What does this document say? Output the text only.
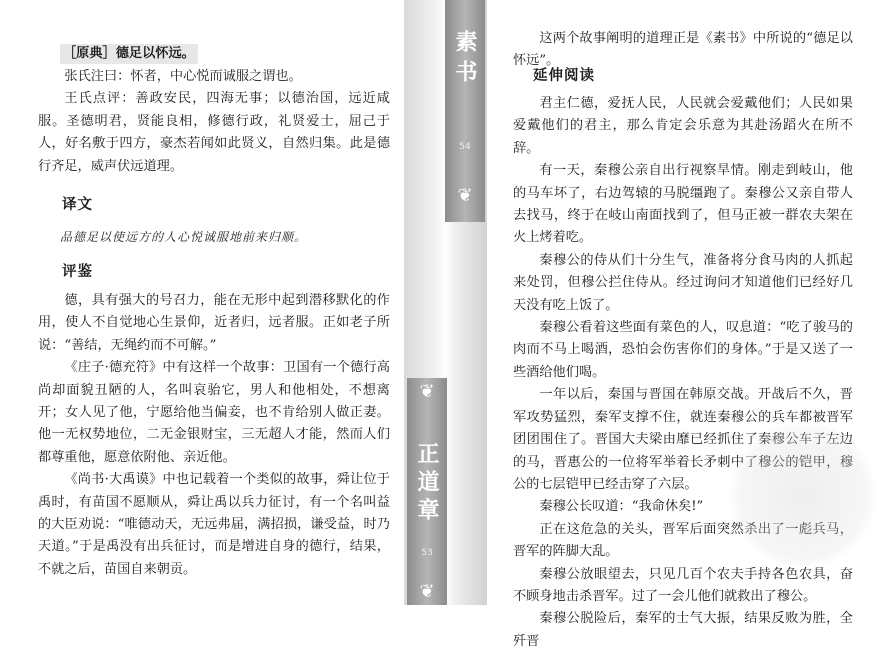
［原典］德足以怀远。

张氏注曰：怀者，中心悦而诚服之谓也。

王氏点评：善政安民，四海无事；以德治国，远近咸服。圣德明君，贤能良相，修德行政，礼贤爱士，屈己于人，好名敷于四方，豪杰若闻如此贤义，自然归集。此是德行齐足，威声伏远道理。

译文
品德足以使远方的人心悦诚服地前来归顺。
评鉴

德，具有强大的号召力，能在无形中起到潜移默化的作用，使人不自觉地心生景仰，近者归，远者服。正如老子所说：“善结，无绳约而不可解。”

《庄子·德充符》中有这样一个故事：卫国有一个德行高尚却面貌丑陋的人，名叫哀骀它，男人和他相处，不想离开；女人见了他，宁愿给他当偏妾，也不肯给别人做正妻。他一无权势地位，二无金银财宝，三无超人才能，然而人们都尊重他，愿意依附他、亲近他。

《尚书·大禹谟》中也记载着一个类似的故事，舜让位于禹时，有苗国不愿顺从，舜让禹以兵力征讨，有一个名叫益的大臣劝说：“唯德动天，无远弗届，满招损，谦受益，时乃天道。”于是禹没有出兵征讨，而是增进自身的德行，结果，不就之后，苗国自来朝贡。

素书
54
❦
❦
正道章
53
❦

这两个故事阐明的道理正是《素书》中所说的“德足以怀远”。

延伸阅读

君主仁德，爱抚人民，人民就会爱戴他们；人民如果爱戴他们的君主，那么肯定会乐意为其赴汤蹈火在所不辞。

有一天，秦穆公亲自出行视察旱情。刚走到岐山，他的马车坏了，右边驾辕的马脱缰跑了。秦穆公又亲自带人去找马，终于在岐山南面找到了，但马正被一群农夫架在火上烤着吃。

秦穆公的侍从们十分生气，准备将分食马肉的人抓起来处罚，但穆公拦住侍从。经过询问才知道他们已经好几天没有吃上饭了。

秦穆公看着这些面有菜色的人，叹息道：“吃了骏马的肉而不马上喝酒，恐怕会伤害你们的身体。”于是又送了一些酒给他们喝。

一年以后，秦国与晋国在韩原交战。开战后不久，晋军攻势猛烈，秦军支撑不住，就连秦穆公的兵车都被晋军团团围住了。晋国大夫梁由靡已经抓住了秦穆公车子左边的马，晋惠公的一位将军举着长矛刺中了穆公的铠甲，穆公的七层铠甲已经击穿了六层。

秦穆公长叹道：“我命休矣!”

正在这危急的关头，晋军后面突然杀出了一彪兵马，晋军的阵脚大乱。

秦穆公放眼望去，只见几百个农夫手持各色农具，奋不顾身地击杀晋军。过了一会儿他们就救出了穆公。

秦穆公脱险后，秦军的士气大振，结果反败为胜，全歼晋
